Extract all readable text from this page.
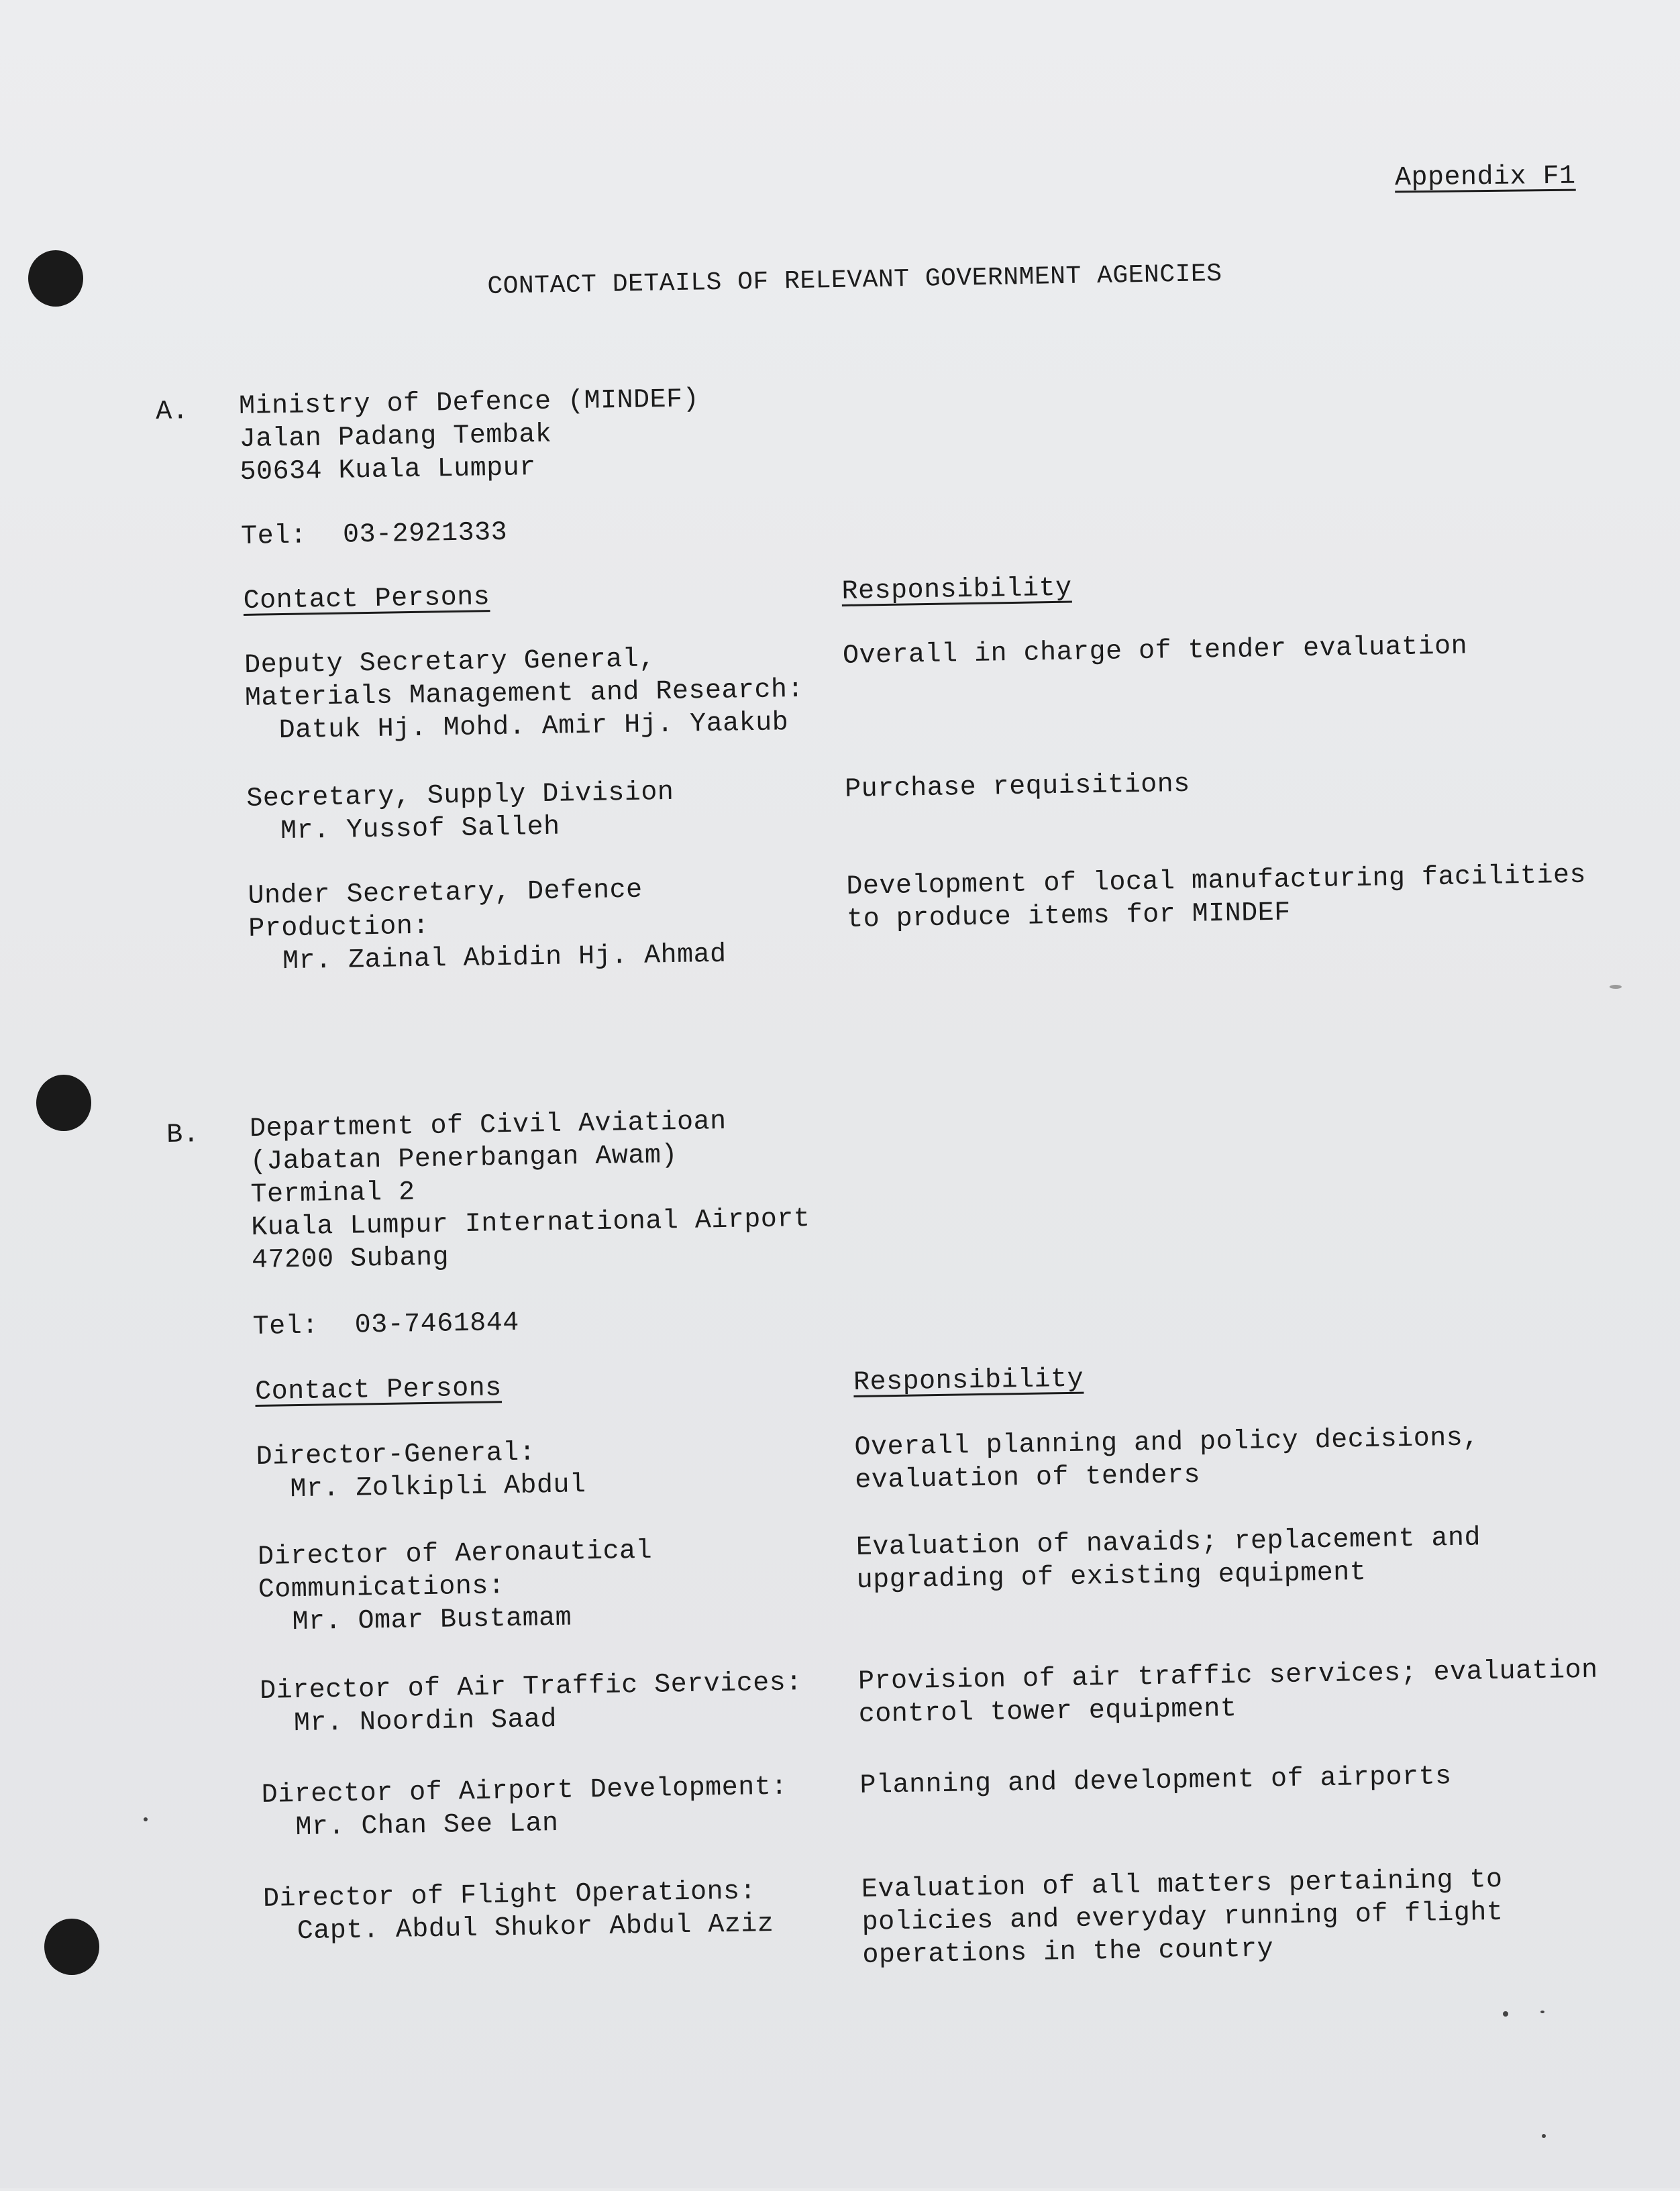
Appendix F1
CONTACT DETAILS OF RELEVANT GOVERNMENT AGENCIES
A. Ministry of Defence (MINDEF)
Jalan Padang Tembak
50634 Kuala Lumpur
Tel: 03-2921333
Contact Persons	Responsibility
Deputy Secretary General,
Materials Management and Research:
Datuk Hj. Mohd. Amir Hj. Yaakub
Overall in charge of tender evaluation
Secretary, Supply Division
Mr. Yussof Salleh
Purchase requisitions
Under Secretary, Defence
Production:
Mr. Zainal Abidin Hj. Ahmad
Development of local manufacturing facilities
to produce items for MINDEF
B. Department of Civil Aviatioan
(Jabatan Penerbangan Awam)
Terminal 2
Kuala Lumpur International Airport
47200 Subang
Tel: 03-7461844
Contact Persons	Responsibility
Director-General:
Mr. Zolkipli Abdul
Overall planning and policy decisions,
evaluation of tenders
Director of Aeronautical
Communications:
Mr. Omar Bustamam
Evaluation of navaids; replacement and
upgrading of existing equipment
Director of Air Traffic Services:
Mr. Noordin Saad
Provision of air traffic services; evaluation
control tower equipment
Director of Airport Development:
Mr. Chan See Lan
Planning and development of airports
Director of Flight Operations:
Capt. Abdul Shukor Abdul Aziz
Evaluation of all matters pertaining to
policies and everyday running of flight
operations in the country
